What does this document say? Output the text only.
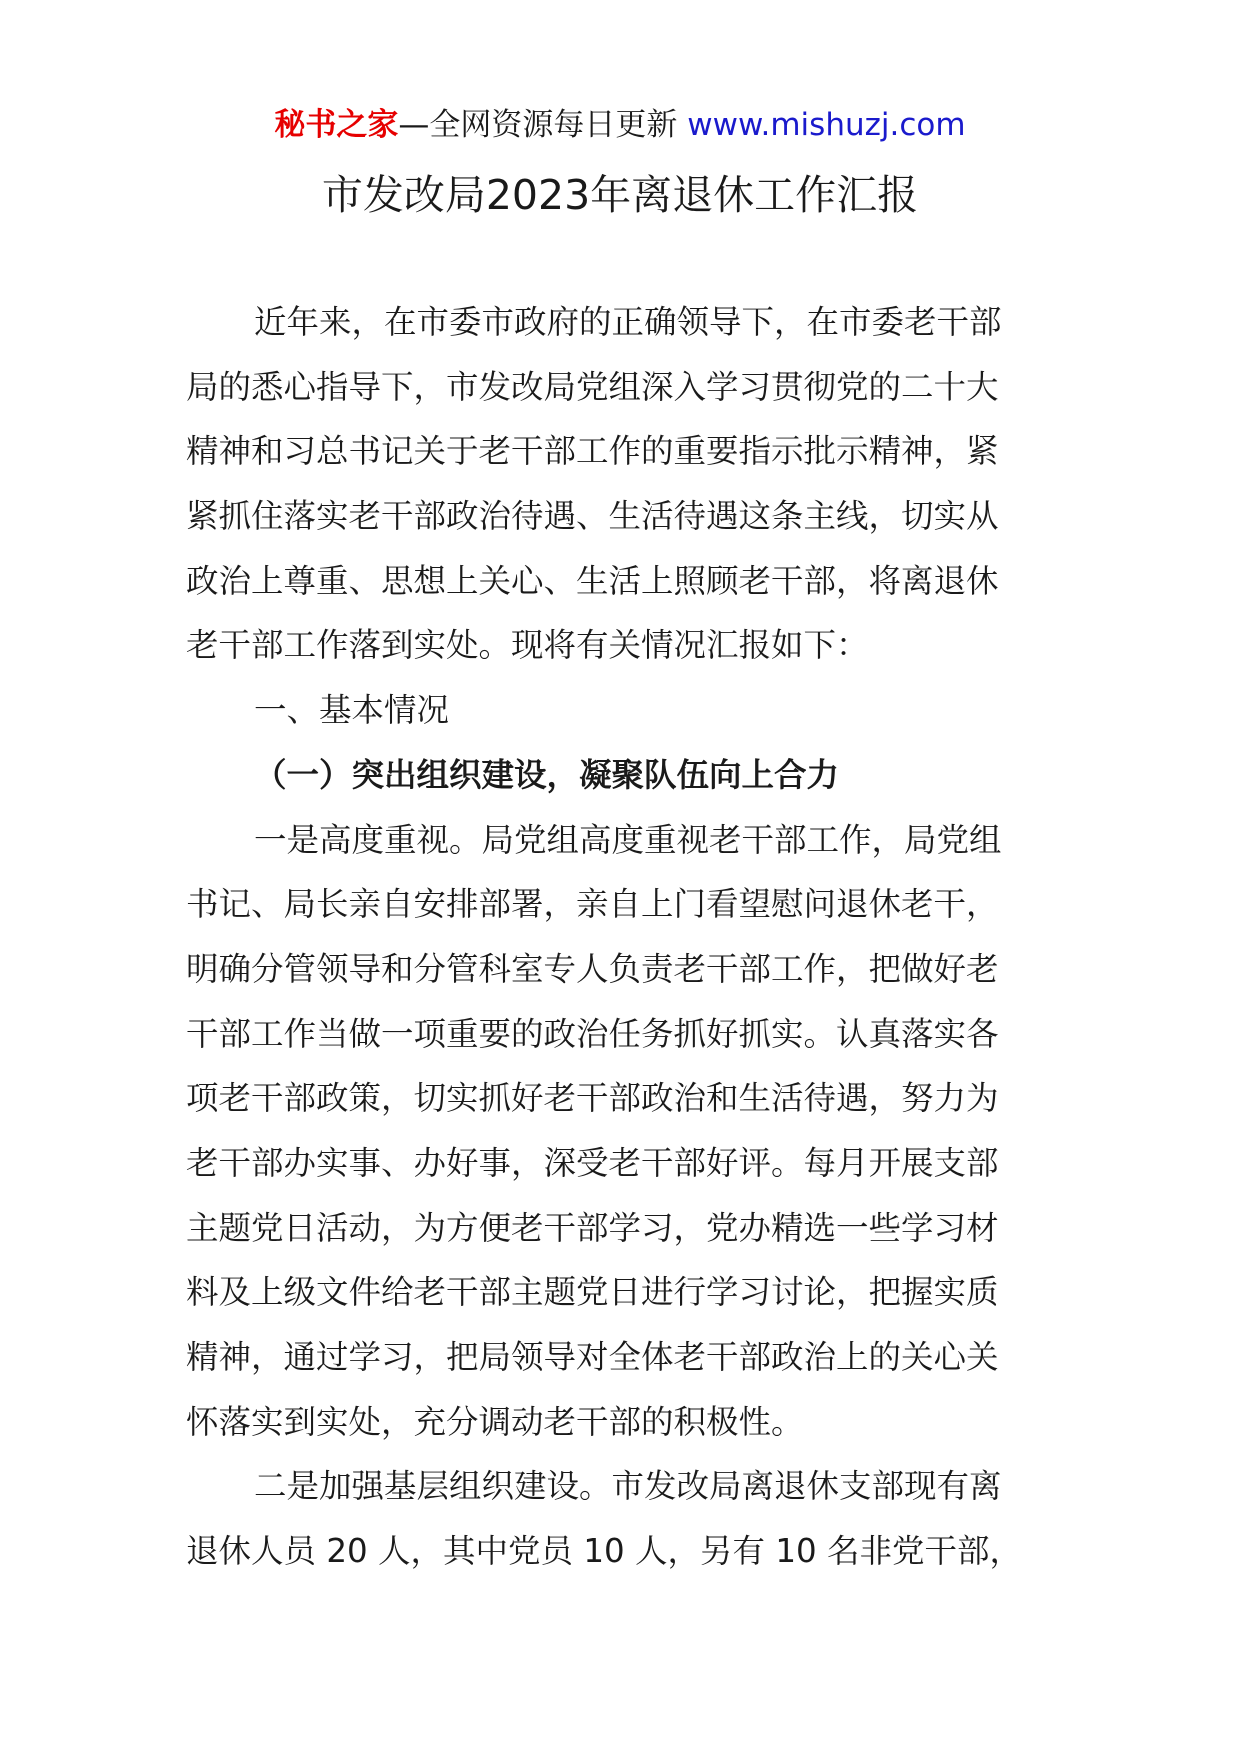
秘书之家—全网资源每日更新 www.mishuzj.com
市发改局2023年离退休工作汇报
近年来，在市委市政府的正确领导下，在市委老干部
局的悉心指导下，市发改局党组深入学习贯彻党的二十大
精神和习总书记关于老干部工作的重要指示批示精神，紧
紧抓住落实老干部政治待遇、生活待遇这条主线，切实从
政治上尊重、思想上关心、生活上照顾老干部，将离退休
老干部工作落到实处。现将有关情况汇报如下：
一、基本情况
（一）突出组织建设，凝聚队伍向上合力
一是高度重视。局党组高度重视老干部工作，局党组
书记、局长亲自安排部署，亲自上门看望慰问退休老干，
明确分管领导和分管科室专人负责老干部工作，把做好老
干部工作当做一项重要的政治任务抓好抓实。认真落实各
项老干部政策，切实抓好老干部政治和生活待遇，努力为
老干部办实事、办好事，深受老干部好评。每月开展支部
主题党日活动，为方便老干部学习，党办精选一些学习材
料及上级文件给老干部主题党日进行学习讨论，把握实质
精神，通过学习，把局领导对全体老干部政治上的关心关
怀落实到实处，充分调动老干部的积极性。
二是加强基层组织建设。市发改局离退休支部现有离
退休人员 20 人，其中党员 10 人，另有 10 名非党干部，
